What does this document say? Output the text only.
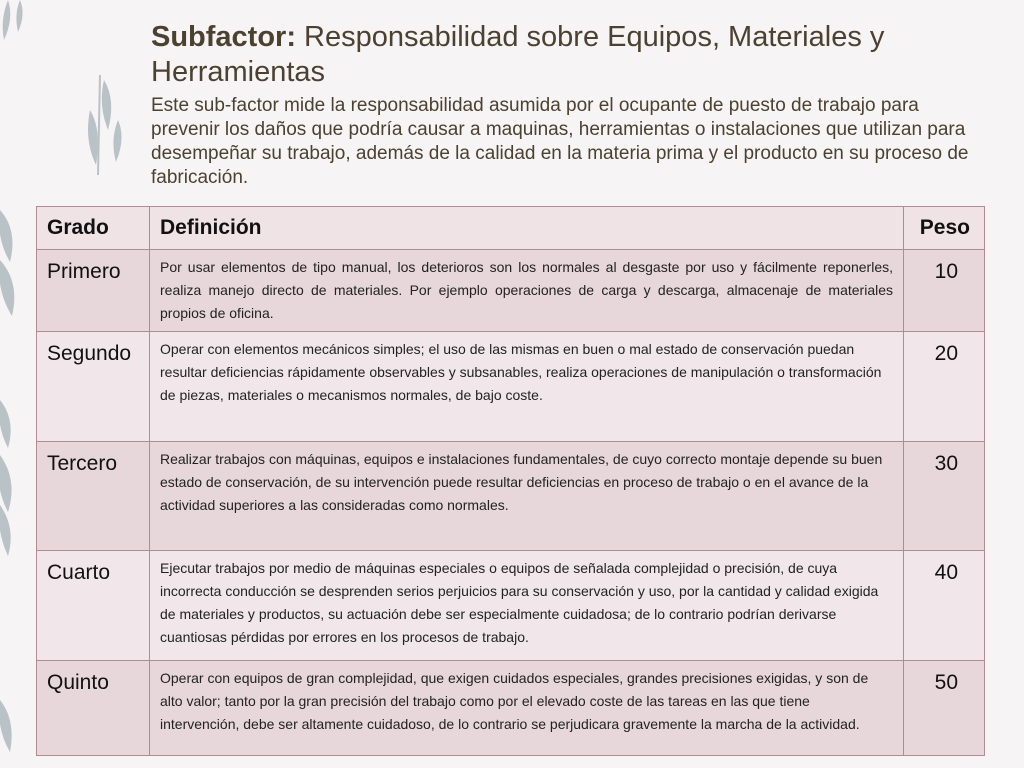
Subfactor: Responsabilidad sobre Equipos, Materiales y Herramientas

Este sub-factor mide la responsabilidad asumida por el ocupante de puesto de trabajo para prevenir los daños que podría causar a maquinas, herramientas o instalaciones que utilizan para desempeñar su trabajo, además de la calidad en la materia prima y el producto en su proceso de fabricación.

Grado	Definición	Peso
Primero	Por usar elementos de tipo manual, los deterioros son los normales al desgaste por uso y fácilmente reponerles, realiza manejo directo de materiales. Por ejemplo operaciones de carga y descarga, almacenaje de materiales propios de oficina.	10
Segundo	Operar con elementos mecánicos simples; el uso de las mismas en buen o mal estado de conservación puedan resultar deficiencias rápidamente observables y subsanables, realiza operaciones de manipulación o transformación de piezas, materiales o mecanismos normales, de bajo coste.	20
Tercero	Realizar trabajos con máquinas, equipos e instalaciones fundamentales, de cuyo correcto montaje depende su buen estado de conservación, de su intervención puede resultar deficiencias en proceso de trabajo o en el avance de la actividad superiores a las consideradas como normales.	30
Cuarto	Ejecutar trabajos por medio de máquinas especiales o equipos de señalada complejidad o precisión, de cuya incorrecta conducción se desprenden serios perjuicios para su conservación y uso, por la cantidad y calidad exigida de materiales y productos, su actuación debe ser especialmente cuidadosa; de lo contrario podrían derivarse cuantiosas pérdidas por errores en los procesos de trabajo.	40
Quinto	Operar con equipos de gran complejidad, que exigen cuidados especiales, grandes precisiones exigidas, y son de alto valor; tanto por la gran precisión del trabajo como por el elevado coste de las tareas en las que tiene intervención, debe ser altamente cuidadoso, de lo contrario se perjudicara gravemente la marcha de la actividad.	50
